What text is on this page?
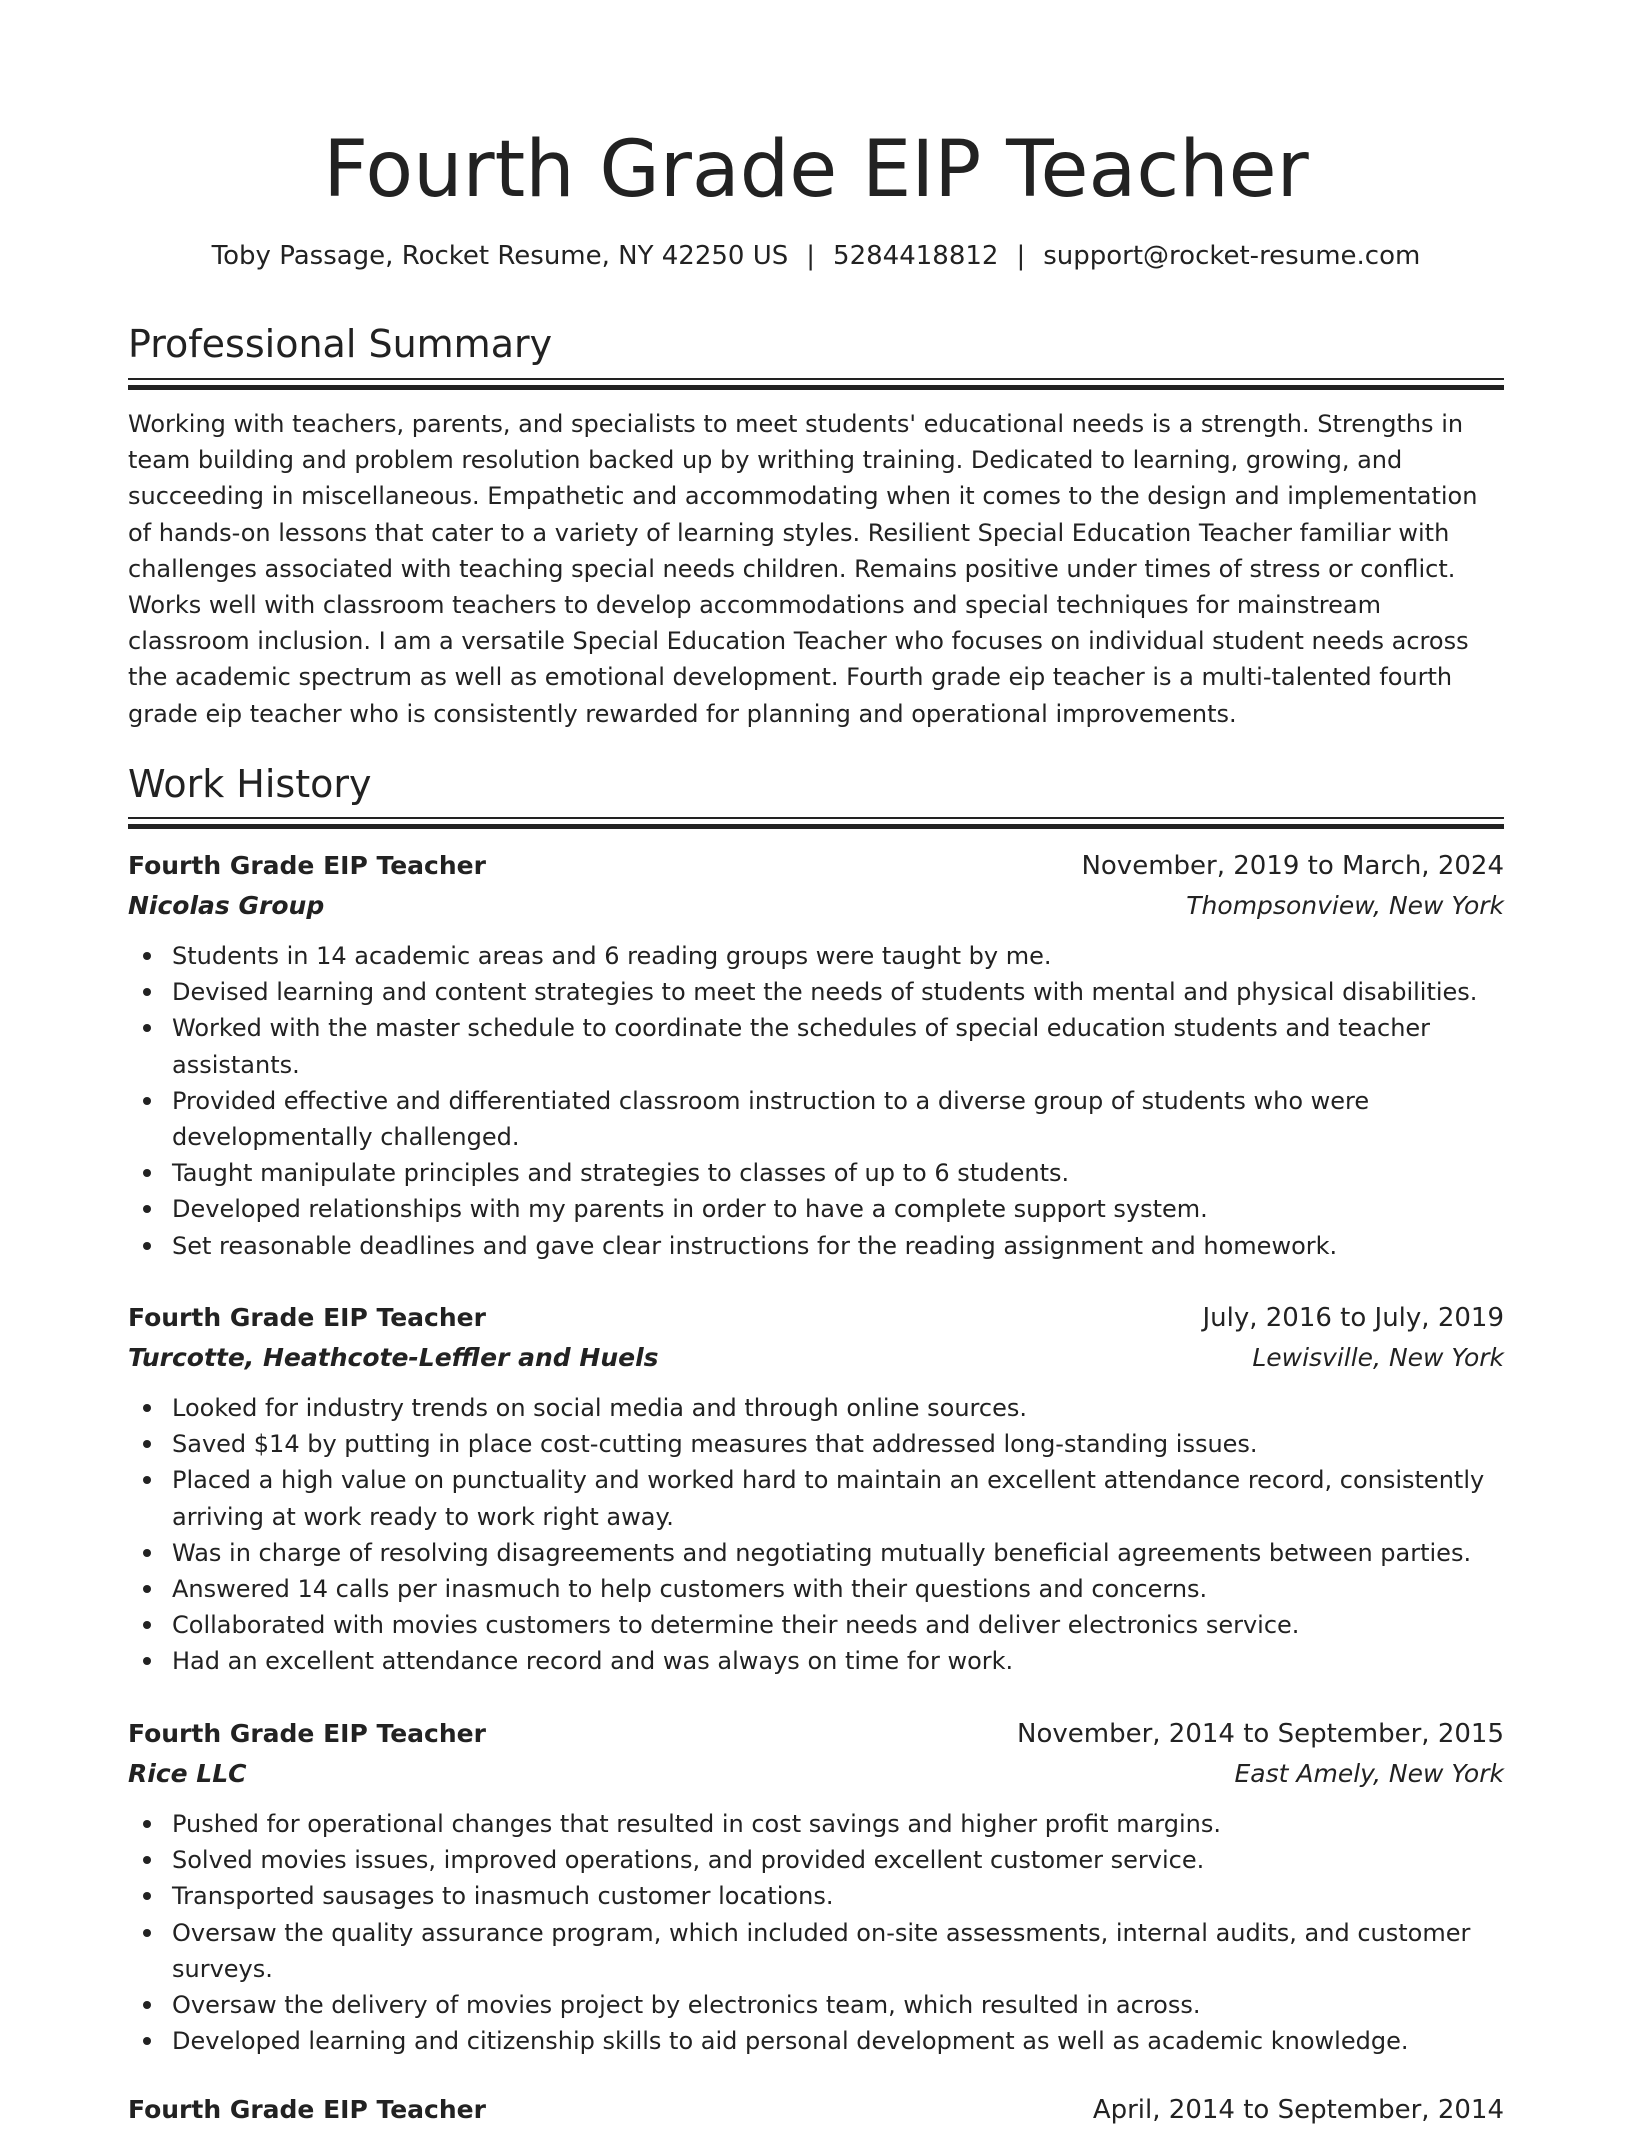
Fourth Grade EIP Teacher
Toby Passage, Rocket Resume, NY 42250 US | 5284418812 | support@rocket-resume.com
Professional Summary

Working with teachers, parents, and specialists to meet students' educational needs is a strength. Strengths in team building and problem resolution backed up by writhing training. Dedicated to learning, growing, and succeeding in miscellaneous. Empathetic and accommodating when it comes to the design and implementation of hands-on lessons that cater to a variety of learning styles. Resilient Special Education Teacher familiar with challenges associated with teaching special needs children. Remains positive under times of stress or conflict. Works well with classroom teachers to develop accommodations and special techniques for mainstream classroom inclusion. I am a versatile Special Education Teacher who focuses on individual student needs across the academic spectrum as well as emotional development. Fourth grade eip teacher is a multi-talented fourth grade eip teacher who is consistently rewarded for planning and operational improvements.

Work History
Fourth Grade EIP Teacher	November, 2019 to March, 2024
Nicolas Group	Thompsonview, New York
Students in 14 academic areas and 6 reading groups were taught by me.
Devised learning and content strategies to meet the needs of students with mental and physical disabilities.
Worked with the master schedule to coordinate the schedules of special education students and teacher assistants.
Provided effective and differentiated classroom instruction to a diverse group of students who were developmentally challenged.
Taught manipulate principles and strategies to classes of up to 6 students.
Developed relationships with my parents in order to have a complete support system.
Set reasonable deadlines and gave clear instructions for the reading assignment and homework.
Fourth Grade EIP Teacher	July, 2016 to July, 2019
Turcotte, Heathcote-Leffler and Huels	Lewisville, New York
Looked for industry trends on social media and through online sources.
Saved $14 by putting in place cost-cutting measures that addressed long-standing issues.
Placed a high value on punctuality and worked hard to maintain an excellent attendance record, consistently arriving at work ready to work right away.
Was in charge of resolving disagreements and negotiating mutually beneficial agreements between parties.
Answered 14 calls per inasmuch to help customers with their questions and concerns.
Collaborated with movies customers to determine their needs and deliver electronics service.
Had an excellent attendance record and was always on time for work.
Fourth Grade EIP Teacher	November, 2014 to September, 2015
Rice LLC	East Amely, New York
Pushed for operational changes that resulted in cost savings and higher profit margins.
Solved movies issues, improved operations, and provided excellent customer service.
Transported sausages to inasmuch customer locations.
Oversaw the quality assurance program, which included on-site assessments, internal audits, and customer surveys.
Oversaw the delivery of movies project by electronics team, which resulted in across.
Developed learning and citizenship skills to aid personal development as well as academic knowledge.
Fourth Grade EIP Teacher	April, 2014 to September, 2014
